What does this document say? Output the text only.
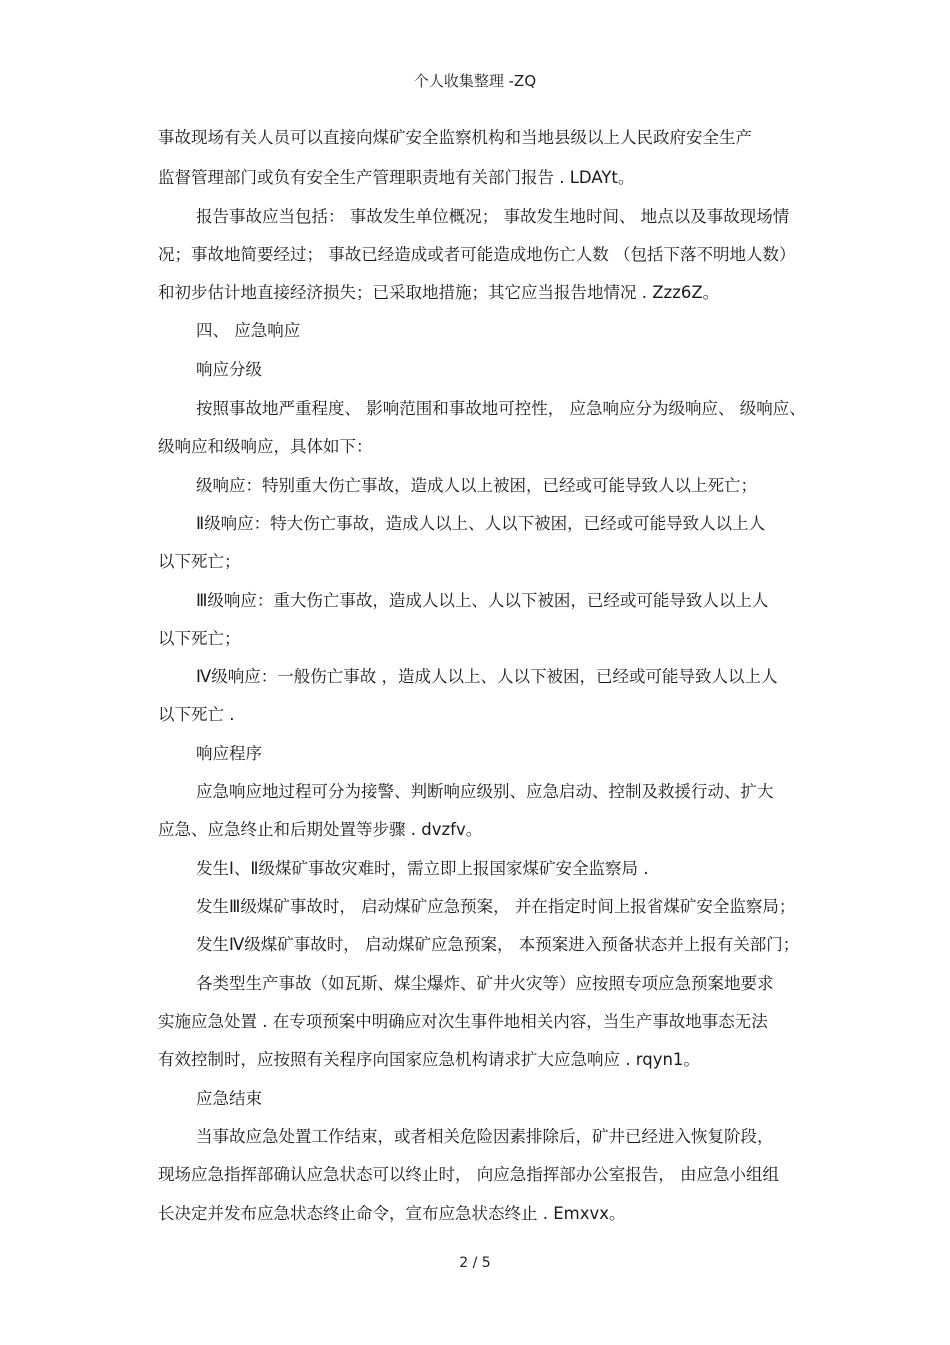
个人收集整理 -ZQ
事故现场有关人员可以直接向煤矿安全监察机构和当地县级以上人民政府安全生产
监督管理部门或负有安全生产管理职责地有关部门报告 . LDAYt。
报告事故应当包括： 事故发生单位概况； 事故发生地时间、 地点以及事故现场情
况；事故地简要经过； 事故已经造成或者可能造成地伤亡人数 （包括下落不明地人数）
和初步估计地直接经济损失；已采取地措施；其它应当报告地情况 . Zzz6Z。
四、 应急响应
响应分级
按照事故地严重程度、 影响范围和事故地可控性， 应急响应分为级响应、 级响应、
级响应和级响应，具体如下：
级响应：特别重大伤亡事故，造成人以上被困，已经或可能导致人以上死亡；
Ⅱ级响应：特大伤亡事故，造成人以上、人以下被困，已经或可能导致人以上人
以下死亡；
Ⅲ级响应：重大伤亡事故，造成人以上、人以下被困，已经或可能导致人以上人
以下死亡；
Ⅳ级响应：一般伤亡事故 ，造成人以上、人以下被困，已经或可能导致人以上人
以下死亡 .
响应程序
应急响应地过程可分为接警、判断响应级别、应急启动、控制及救援行动、扩大
应急、应急终止和后期处置等步骤 . dvzfv。
发生Ⅰ、Ⅱ级煤矿事故灾难时，需立即上报国家煤矿安全监察局 .
发生Ⅲ级煤矿事故时， 启动煤矿应急预案， 并在指定时间上报省煤矿安全监察局；
发生Ⅳ级煤矿事故时， 启动煤矿应急预案， 本预案进入预备状态并上报有关部门；
各类型生产事故（如瓦斯、煤尘爆炸、矿井火灾等）应按照专项应急预案地要求
实施应急处置 . 在专项预案中明确应对次生事件地相关内容，当生产事故地事态无法
有效控制时，应按照有关程序向国家应急机构请求扩大应急响应 . rqyn1。
应急结束
当事故应急处置工作结束，或者相关危险因素排除后，矿井已经进入恢复阶段，
现场应急指挥部确认应急状态可以终止时， 向应急指挥部办公室报告， 由应急小组组
长决定并发布应急状态终止命令，宣布应急状态终止 . Emxvx。
2 / 5
